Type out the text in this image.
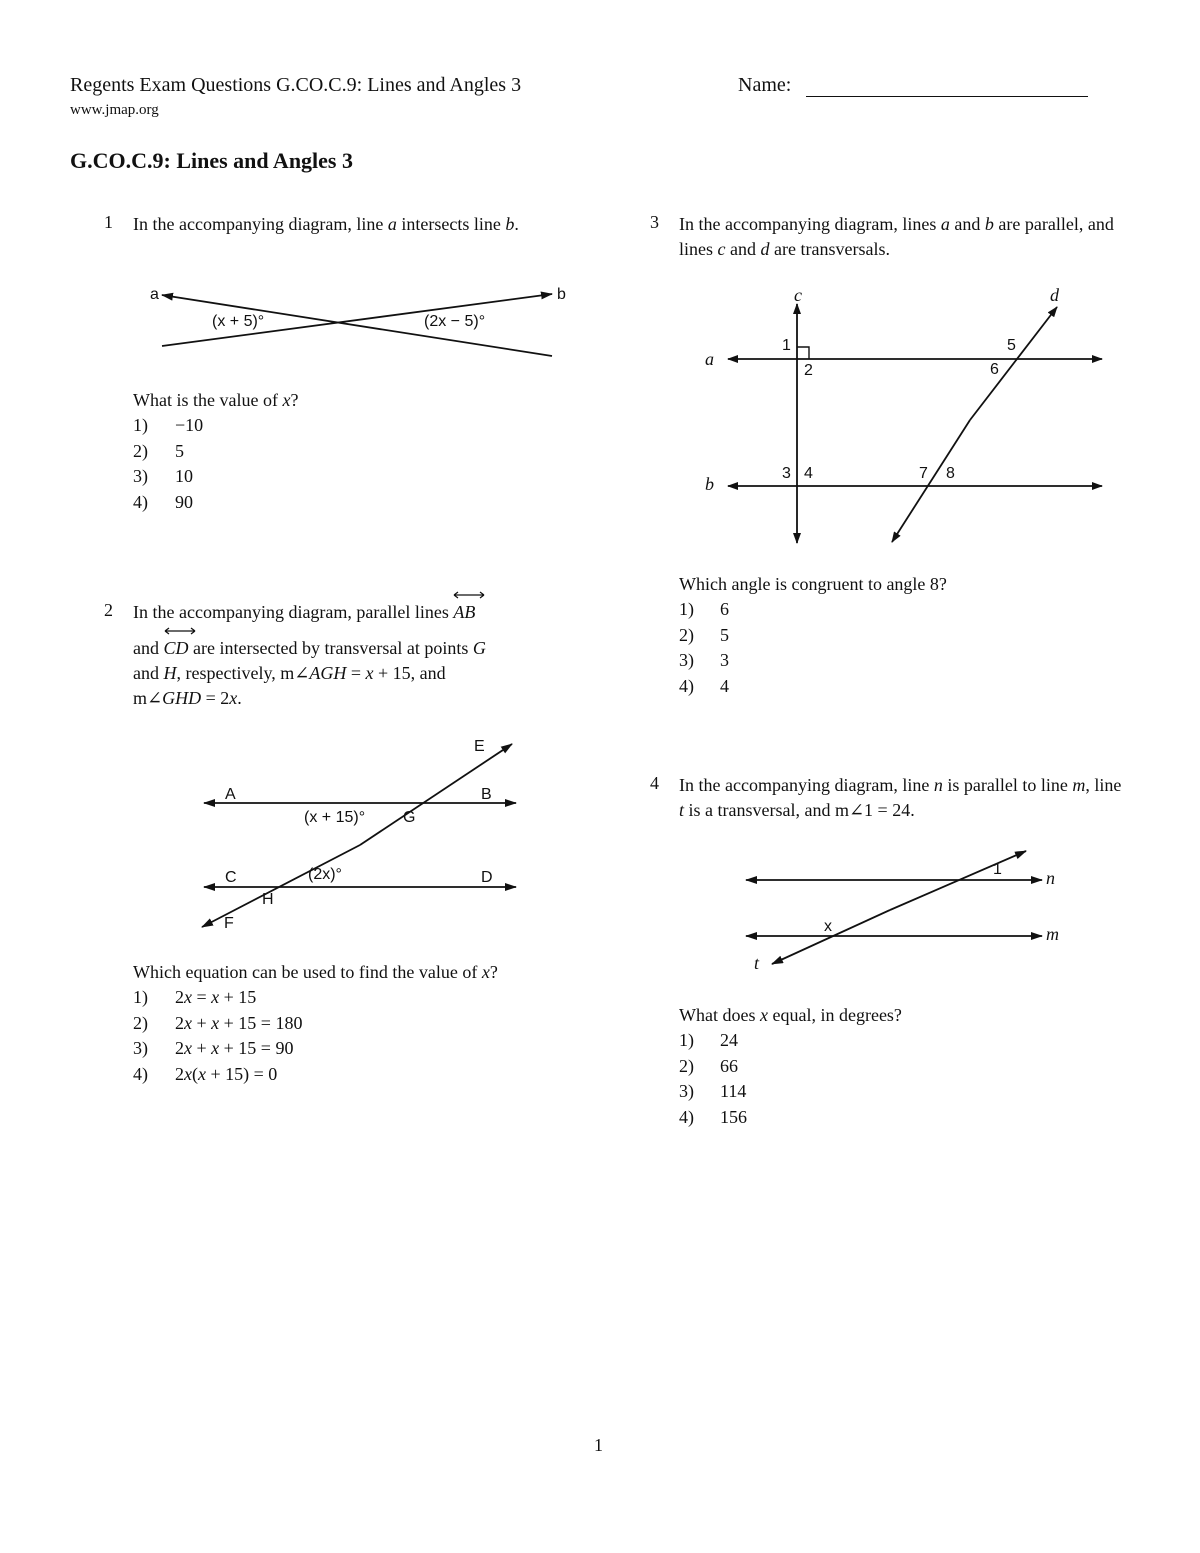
Regents Exam Questions G.CO.C.9: Lines and Angles 3
www.jmap.org
Name:
G.CO.C.9: Lines and Angles 3
1 In the accompanying diagram, line a intersects line b.
a	b
(x + 5)°	(2x − 5)°
What is the value of x?
1) −10
2) 5
3) 10
4) 90
2 In the accompanying diagram, parallel lines
AB
and
CD are intersected by transversal at points G
and H, respectively, m∠AGH = x + 15, and
m∠GHD = 2x.
E
A	B
(x + 15)° G
C	(2x)°	D
H
F
Which equation can be used to find the value of x?
1) 2x = x + 15
2) 2x + x + 15 = 180
3) 2x + x + 15 = 90
4) 2x(x + 15) = 0
3 In the accompanying diagram, lines a and b are parallel, and lines c and d are transversals.
c	d
a
b
1
2
5
6
3 4	7 8
Which angle is congruent to angle 8?
1) 6
2) 5
3) 3
4) 4
4 In the accompanying diagram, line n is parallel to line m, line t is a transversal, and m∠1 = 24.
n
m
t
1
x
What does x equal, in degrees?
1) 24
2) 66
3) 114
4) 156
1
